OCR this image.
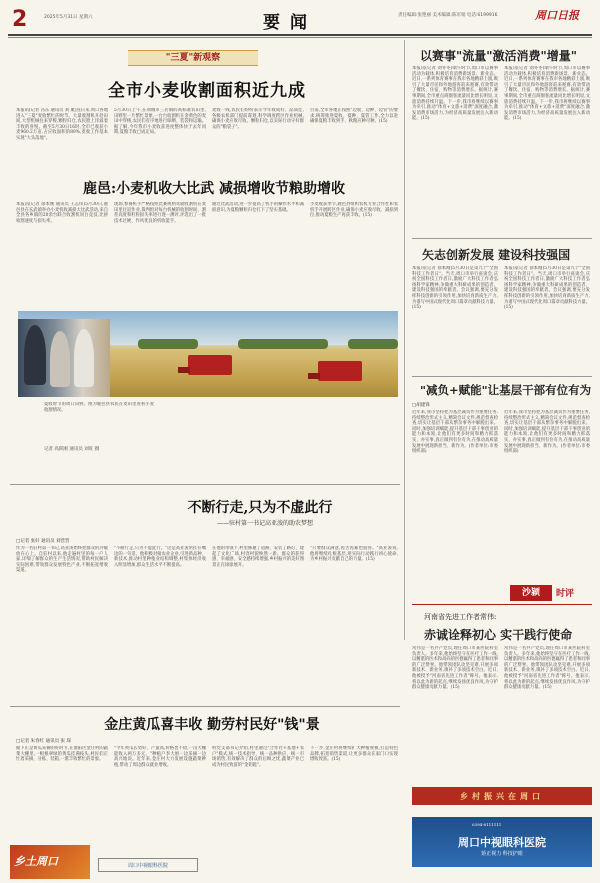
2	2025年5月31日 星期六	要闻	责任编辑:张艳丽 美术编辑:陈军娟 电话:6199916	周口日报
"三夏"新观察
全市小麦收割面积近九成
本报讯(记者 冯东 通讯员 刘 航)连日来,周口各地进入"三夏"麦收繁忙的时节。大量收割机开赴田间,大型机械往来穿梭,颗粒归仓,农民脸上洋溢着丰收的喜悦。截至5月30日16时,全市已收获小麦960.2万亩,占应收面积的89%,麦收工作基本实现"大头落地"。
5月30日上午,在项城市三店镇的高标准农田里,田野里一片繁忙景象,一台台收割机在金黄色的麦田中穿梭,农民们有序地进行晾晒、装袋和运输。据了解,今年我市小麦收获进度整体快于去年同期,夏粮丰收已成定局。
麦收一线,农民们纷纷表示今年收成好、品质佳,各级农机部门提前谋划,科学调度跨区作业机械,确保小麦应收尽收、颗粒归仓,以实际行动守好群众的"粮袋子"。
目前,全市各地正按照"边收、边种、边管"的要求,统筹推进夏收、夏种、夏管工作,全力以赴确保夏粮丰收到手、秋粮应种尽种。(15)
鹿邑:小麦机收大比武 减损增收节粮助增收
本报讯(记者 徐本刚 通讯员 王志伟)5月30日,鹿邑县在玄武镇举办小麦机收减损大比武活动,来自全县各乡镇的20余台联合收割机同台竞技,比拼收割速度与损失率。
现场,参赛机手严格按照比赛规则驾驶收割机在麦田里往返作业,裁判组对每台机械的收割时间、割茬高度和籽粒损失率进行逐一测评,评选出了一批技术过硬、作风优良的机收能手。
通过比武活动,进一步提高了机手的操作水平和减损意识,为夏粮颗粒归仓打下了坚实基础。
小麦收获季节,鹿邑县组织农机专业合作社和农机手开展跨区作业,确保小麦应收尽收、减损到位,推动夏粮生产再获丰收。(15)
夏收时节的周口田野。图为鹿邑县农民在麦田里查看小麦收割情况。
记者 高跃刚 通讯员 刘旺 摄
不断行走,只为不虚此行
——驻村第一书记高亚浚的助农梦想
□记者 张好 通讯员 刘营营
作为一名驻村第一书记,高亚浚始终把群众的冷暖放在心上。自驻村以来,他走遍村里的每一户人家,详细了解群众的生产生活情况,帮助村民解决实际困难,带领群众发展特色产业,不断拓宽增收渠道。
"不断行走,只为不虚此行。"这是高亚浚常挂在嘴边的一句话。他积极对接农业企业,引进新品种、新技术,推动村里种植业结构调整,村集体经济收入明显增加,群众生活水平不断提高。
在他的带领下,村里修通了道路、安装了路灯、建起了文化广场,村容村貌焕然一新。群众的获得感、幸福感、安全感持续增强,乡村振兴的美好图景正在徐徐展开。
"只要群众满意,再苦再累也值得。"高亚浚说,他将继续扎根基层,用实际行动践行初心使命,为乡村振兴贡献自己的力量。(15)
金庄黄瓜喜丰收 勤劳村民好"钱"景
□记者 朱春红 通讯员 张 琛
眼下正是黄瓜采摘的好时节,在淮阳区金庄村的蔬菜大棚里,一根根翠绿的黄瓜挂满枝头,村民们正忙着采摘、分拣、装箱,一派丰收繁忙的景象。
"今年黄瓜长势好、产量高,价格也不错,一亩大棚能收入两万多元。"种植户李大姐一边采摘一边高兴地说。近年来,金庄村大力发展设施蔬菜种植,带动了周边群众就业增收。
村党支部书记介绍,村里通过"合作社+基地+农户"模式,统一技术指导、统一品种供应、统一市场销售,有效解决了群众的后顾之忧,蔬菜产业已成为村民致富的"金钥匙"。
下一步,金庄村将继续扩大种植规模,打造特色品牌,拓宽销售渠道,让更多群众在家门口实现增收致富。(15)
乡土周口	周口中视眼科医院
以赛事"流量"激活消费"增量"
本报讯(记者 刘冬冬)端午时节,周口市以赛事活动为载体,积极培育消费新场景、新业态。近日,一系列体育赛事在我市各地精彩上演,吸引了大量市民和外地游客前来观赛,有效带动了餐饮、住宿、购物等消费增长。据统计,赛事期间,全市重点商圈客流量同比增长明显,文旅消费持续升温。下一步,我市将继续以赛事为牵引,推动"体育+文旅+消费"深度融合,激发消费市场活力,为经济高质量发展注入新动能。(15)
本报讯(记者 刘冬冬)端午时节,周口市以赛事活动为载体,积极培育消费新场景、新业态。近日,一系列体育赛事在我市各地精彩上演,吸引了大量市民和外地游客前来观赛,有效带动了餐饮、住宿、购物等消费增长。据统计,赛事期间,全市重点商圈客流量同比增长明显,文旅消费持续升温。下一步,我市将继续以赛事为牵引,推动"体育+文旅+消费"深度融合,激发消费市场活力,为经济高质量发展注入新动能。(15)
矢志创新发展 建设科技强国
本报讯(记者 徐本刚)5月30日是第九个"全国科技工作者日"。当天,周口市举行座谈会,庆祝全国科技工作者日,激励广大科技工作者弘扬科学家精神,争做重大科研成果的创造者、建设科技强国的奉献者。会议强调,要充分发挥科技创新的引领作用,加快培育新质生产力,为谱写中国式现代化周口篇章贡献科技力量。(15)
本报讯(记者 徐本刚)5月30日是第九个"全国科技工作者日"。当天,周口市举行座谈会,庆祝全国科技工作者日,激励广大科技工作者弘扬科学家精神,争做重大科研成果的创造者、建设科技强国的奉献者。会议强调,要充分发挥科技创新的引领作用,加快培育新质生产力,为谱写中国式现代化周口篇章贡献科技力量。(15)
"减负+赋能"让基层干部有位有为
□胡建锋
近年来,我市坚持把为基层减负作为重要任务,持续整治形式主义,精简会议文件,规范督查检查,切实让基层干部从繁杂事务中解脱出来。同时,加强培训赋能,提升基层干部干事创业的能力和本领,让他们有更多时间和精力抓落实、办实事,真正做到有位有为,在推动高质量发展中展现新担当、新作为。(作者单位:市委组织部)
近年来,我市坚持把为基层减负作为重要任务,持续整治形式主义,精简会议文件,规范督查检查,切实让基层干部从繁杂事务中解脱出来。同时,加强培训赋能,提升基层干部干事创业的能力和本领,让他们有更多时间和精力抓落实、办实事,真正做到有位有为,在推动高质量发展中展现新担当、新作为。(作者单位:市委组织部)
沙颍	时评
河南省先进工作者常伟:
赤诚诠释初心 实干践行使命
常伟是一名共产党员,现任周口市某医院科室负责人。多年来,他始终坚守在医疗工作一线,以精湛的医术和高尚的医德赢得了患者和同事的广泛赞誉。他带领团队攻坚克难,开展多项新技术、新业务,填补了多项技术空白。近日,他被授予"河南省先进工作者"称号。他表示,将以此为新的起点,继续发扬优良作风,为守护群众健康贡献力量。(15)
常伟是一名共产党员,现任周口市某医院科室负责人。多年来,他始终坚守在医疗工作一线,以精湛的医术和高尚的医德赢得了患者和同事的广泛赞誉。他带领团队攻坚克难,开展多项新技术、新业务,填补了多项技术空白。近日,他被授予"河南省先进工作者"称号。他表示,将以此为新的起点,继续发扬优良作风,为守护群众健康贡献力量。(15)
乡村振兴在周口
0394-8111111
周口中视眼科医院
矫正视力 科技护眼
